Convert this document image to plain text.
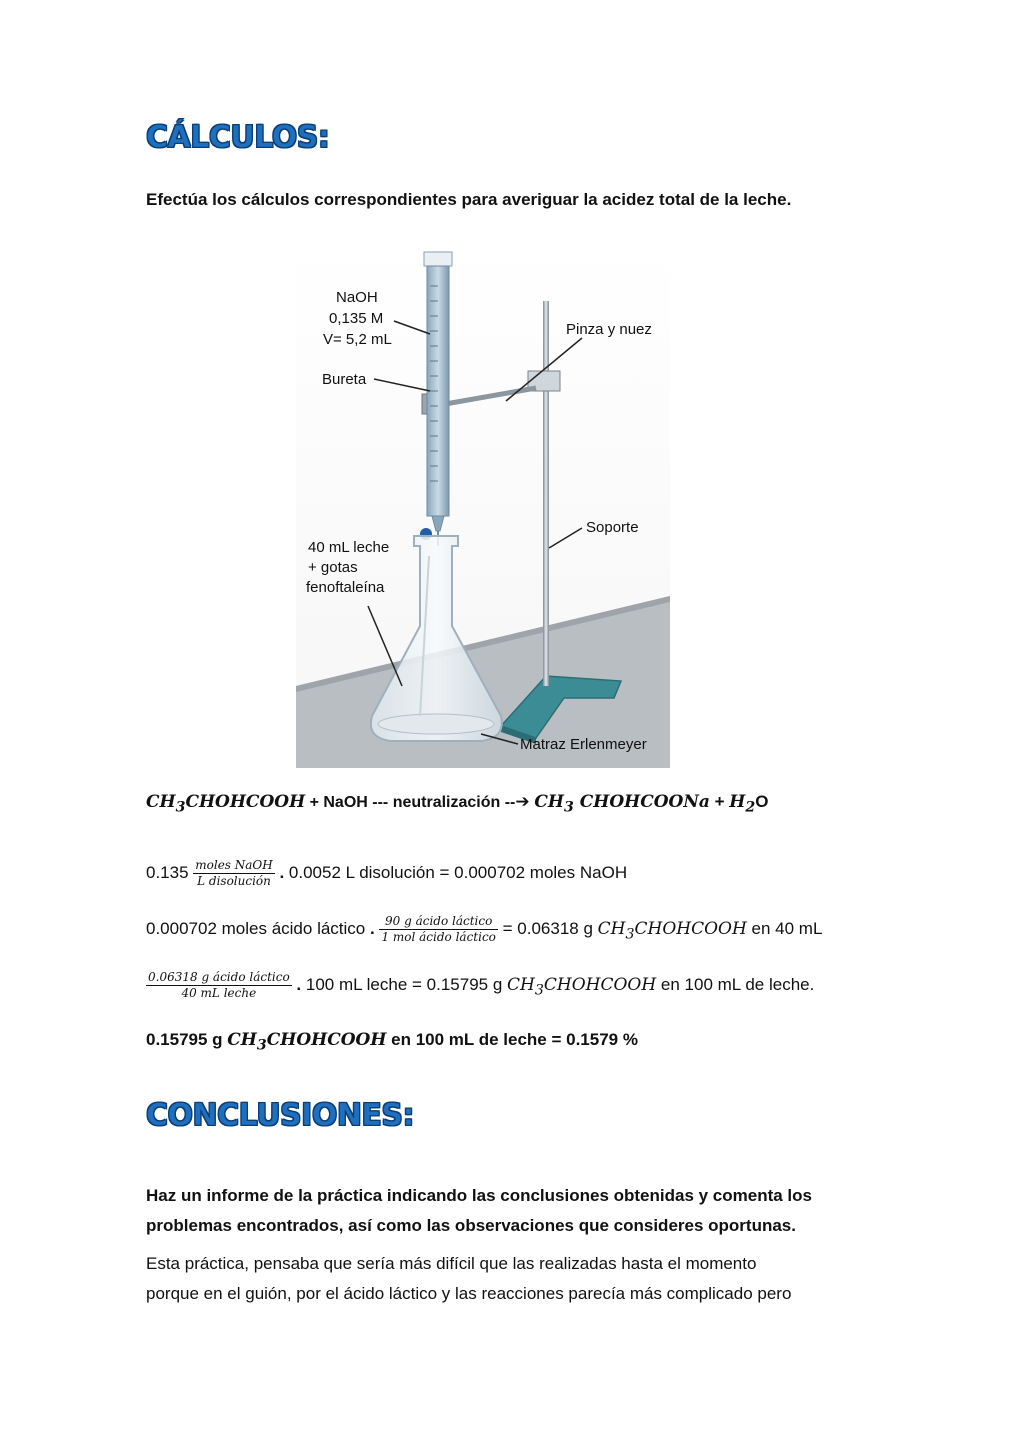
CÁLCULOS:
Efectúa los cálculos correspondientes para averiguar la acidez total de la leche.
NaOH
0,135 M
V= 5,2 mL
Bureta
Pinza y nuez
Soporte
40 mL leche
+ gotas
fenoftaleína
Matraz Erlenmeyer
$CH_3CHOHCOOH$ + NaOH --- neutralización --➔ $CH_3$ CHOHCOONa + $H_2O$
$0.135 \frac{\text{moles NaOH}}{\text{L disolución}}$ . 0.0052 L disolución = 0.000702 moles NaOH
0.000702 moles ácido láctico . $\frac{\text{90 g ácido láctico}}{\text{1 mol ácido láctico}} = 0.06318$ g $CH_3CHOHCOOH$ en 40 mL
$\frac{\text{0.06318 g ácido láctico}}{\text{40 mL leche}}$ . 100 mL leche = 0.15795 g $CH_3CHOHCOOH$ en 100 mL de leche.
0.15795 g $CH_3CHOHCOOH$ en 100 mL de leche = 0.1579 %
CONCLUSIONES:
Haz un informe de la práctica indicando las conclusiones obtenidas y comenta los
problemas encontrados, así como las observaciones que consideres oportunas.
Esta práctica, pensaba que sería más difícil que las realizadas hasta el momento
porque en el guión, por el ácido láctico y las reacciones parecía más complicado pero
